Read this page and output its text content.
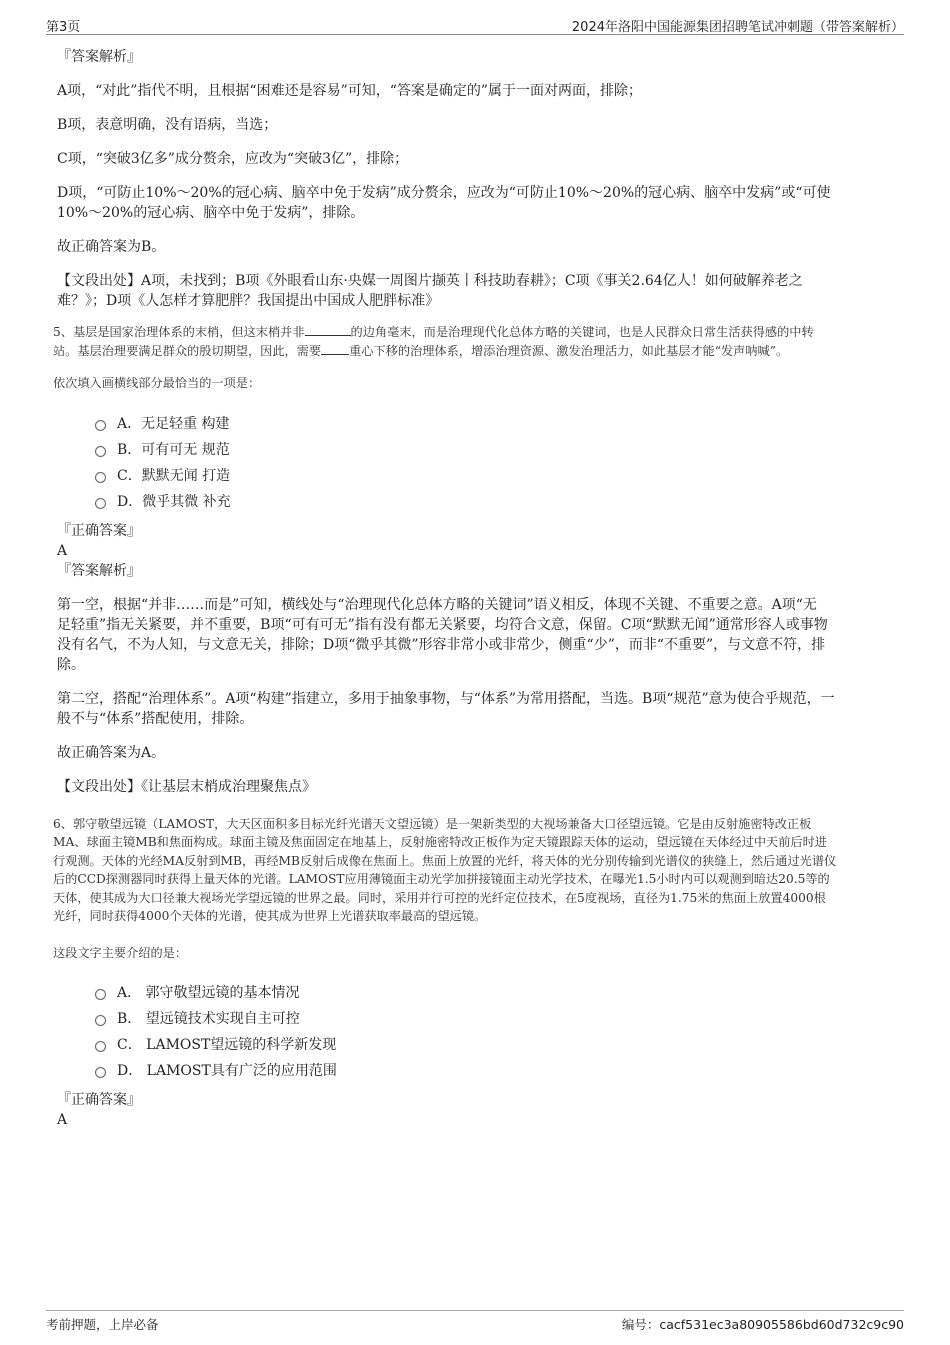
第3页	2024年洛阳中国能源集团招聘笔试冲刺题（带答案解析）

『答案解析』

A项，“对此”指代不明，且根据“困难还是容易”可知，“答案是确定的”属于一面对两面，排除；

B项，表意明确，没有语病，当选；

C项，“突破3亿多”成分赘余，应改为“突破3亿”，排除；

D项，“可防止10%～20%的冠心病、脑卒中免于发病”成分赘余，应改为“可防止10%～20%的冠心病、脑卒中发病”或“可使
10%～20%的冠心病、脑卒中免于发病”，排除。

故正确答案为B。

【文段出处】A项，未找到；B项《外眼看山东·央媒一周图片撷英丨科技助春耕》；C项《事关2.64亿人！如何破解养老之
难？》；D项《人怎样才算肥胖？我国提出中国成人肥胖标准》

5、基层是国家治理体系的末梢，但这末梢并非	的边角毫末，而是治理现代化总体方略的关键词，也是人民群众日常生活获得感的中转
站。基层治理要满足群众的殷切期望，因此，需要 重心下移的治理体系，增添治理资源、激发治理活力，如此基层才能“发声呐喊”。

依次填入画横线部分最恰当的一项是：

A．无足轻重 构建
B．可有可无 规范
C．默默无闻 打造
D．微乎其微 补充

『正确答案』

A

『答案解析』

第一空，根据“并非……而是”可知，横线处与“治理现代化总体方略的关键词”语义相反，体现不关键、不重要之意。A项“无
足轻重”指无关紧要，并不重要，B项“可有可无”指有没有都无关紧要，均符合文意，保留。C项“默默无闻”通常形容人或事物
没有名气，不为人知，与文意无关，排除；D项“微乎其微”形容非常小或非常少，侧重“少”，而非“不重要”，与文意不符，排
除。

第二空，搭配“治理体系”。A项“构建”指建立，多用于抽象事物，与“体系”为常用搭配，当选。B项“规范”意为使合乎规范，一
般不与“体系”搭配使用，排除。

故正确答案为A。

【文段出处】《让基层末梢成治理聚焦点》

6、郭守敬望远镜（LAMOST，大天区面积多目标光纤光谱天文望远镜）是一架新类型的大视场兼备大口径望远镜。它是由反射施密特改正板
MA、球面主镜MB和焦面构成。球面主镜及焦面固定在地基上，反射施密特改正板作为定天镜跟踪天体的运动，望远镜在天体经过中天前后时进
行观测。天体的光经MA反射到MB，再经MB反射后成像在焦面上。焦面上放置的光纤，将天体的光分别传输到光谱仪的狭缝上，然后通过光谱仪
后的CCD探测器同时获得上量天体的光谱。LAMOST应用薄镜面主动光学加拼接镜面主动光学技术，在曝光1.5小时内可以观测到暗达20.5等的
天体，使其成为大口径兼大视场光学望远镜的世界之最。同时，采用并行可控的光纤定位技术，在5度视场，直径为1.75米的焦面上放置4000根
光纤，同时获得4000个天体的光谱，使其成为世界上光谱获取率最高的望远镜。

这段文字主要介绍的是：

A． 郭守敬望远镜的基本情况
B． 望远镜技术实现自主可控
C． LAMOST望远镜的科学新发现
D． LAMOST具有广泛的应用范围

『正确答案』

A

考前押题，上岸必备	编号：cacf531ec3a80905586bd60d732c9c90
